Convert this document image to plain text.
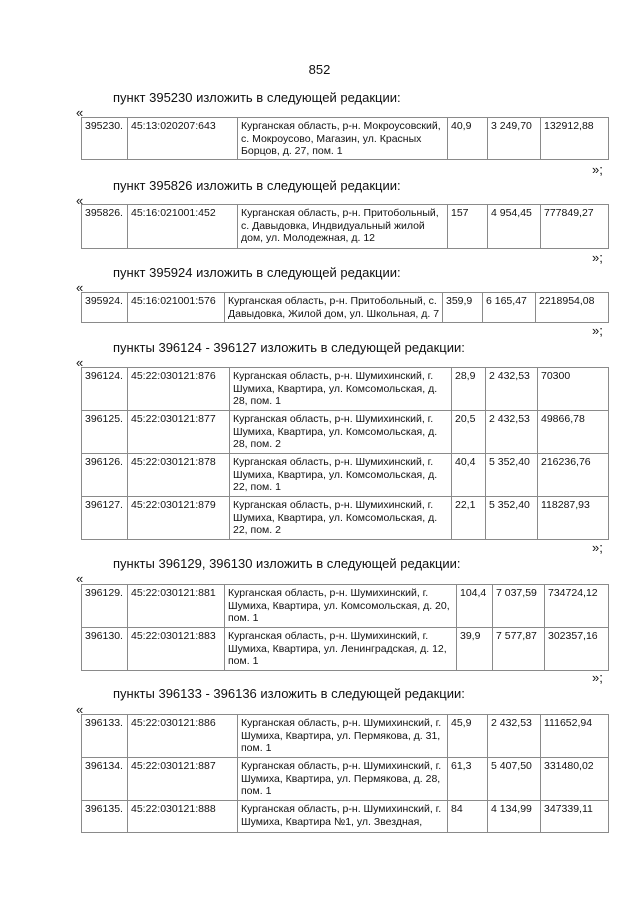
852
пункт 395230 изложить в следующей редакции:
«
395230.	45:13:020207:643	Курганская область, р-н. Мокроусовский, с. Мокроусово, Магазин, ул. Красных Борцов, д. 27, пом. 1	40,9	3 249,70	132912,88
»;
пункт 395826 изложить в следующей редакции:
«
395826.	45:16:021001:452	Курганская область, р-н. Притобольный, с. Давыдовка, Индвидуальный жилой дом, ул. Молодежная, д. 12	157	4 954,45	777849,27
»;
пункт 395924 изложить в следующей редакции:
«
395924.	45:16:021001:576	Курганская область, р-н. Притобольный, с. Давыдовка, Жилой дом, ул. Школьная, д. 7	359,9	6 165,47	2218954,08
»;
пункты 396124 - 396127 изложить в следующей редакции:
«
396124.	45:22:030121:876	Курганская область, р-н. Шумихинский, г. Шумиха, Квартира, ул. Комсомольская, д. 28, пом. 1	28,9	2 432,53	70300
396125.	45:22:030121:877	Курганская область, р-н. Шумихинский, г. Шумиха, Квартира, ул. Комсомольская, д. 28, пом. 2	20,5	2 432,53	49866,78
396126.	45:22:030121:878	Курганская область, р-н. Шумихинский, г. Шумиха, Квартира, ул. Комсомольская, д. 22, пом. 1	40,4	5 352,40	216236,76
396127.	45:22:030121:879	Курганская область, р-н. Шумихинский, г. Шумиха, Квартира, ул. Комсомольская, д. 22, пом. 2	22,1	5 352,40	118287,93
»;
пункты 396129, 396130 изложить в следующей редакции:
«
396129.	45:22:030121:881	Курганская область, р-н. Шумихинский, г. Шумиха, Квартира, ул. Комсомольская, д. 20, пом. 1	104,4	7 037,59	734724,12
396130.	45:22:030121:883	Курганская область, р-н. Шумихинский, г. Шумиха, Квартира, ул. Ленинградская, д. 12, пом. 1	39,9	7 577,87	302357,16
»;
пункты 396133 - 396136 изложить в следующей редакции:
«
396133.	45:22:030121:886	Курганская область, р-н. Шумихинский, г. Шумиха, Квартира, ул. Пермякова, д. 31, пом. 1	45,9	2 432,53	111652,94
396134.	45:22:030121:887	Курганская область, р-н. Шумихинский, г. Шумиха, Квартира, ул. Пермякова, д. 28, пом. 1	61,3	5 407,50	331480,02
396135.	45:22:030121:888	Курганская область, р-н. Шумихинский, г. Шумиха, Квартира №1, ул. Звездная,	84	4 134,99	347339,11
